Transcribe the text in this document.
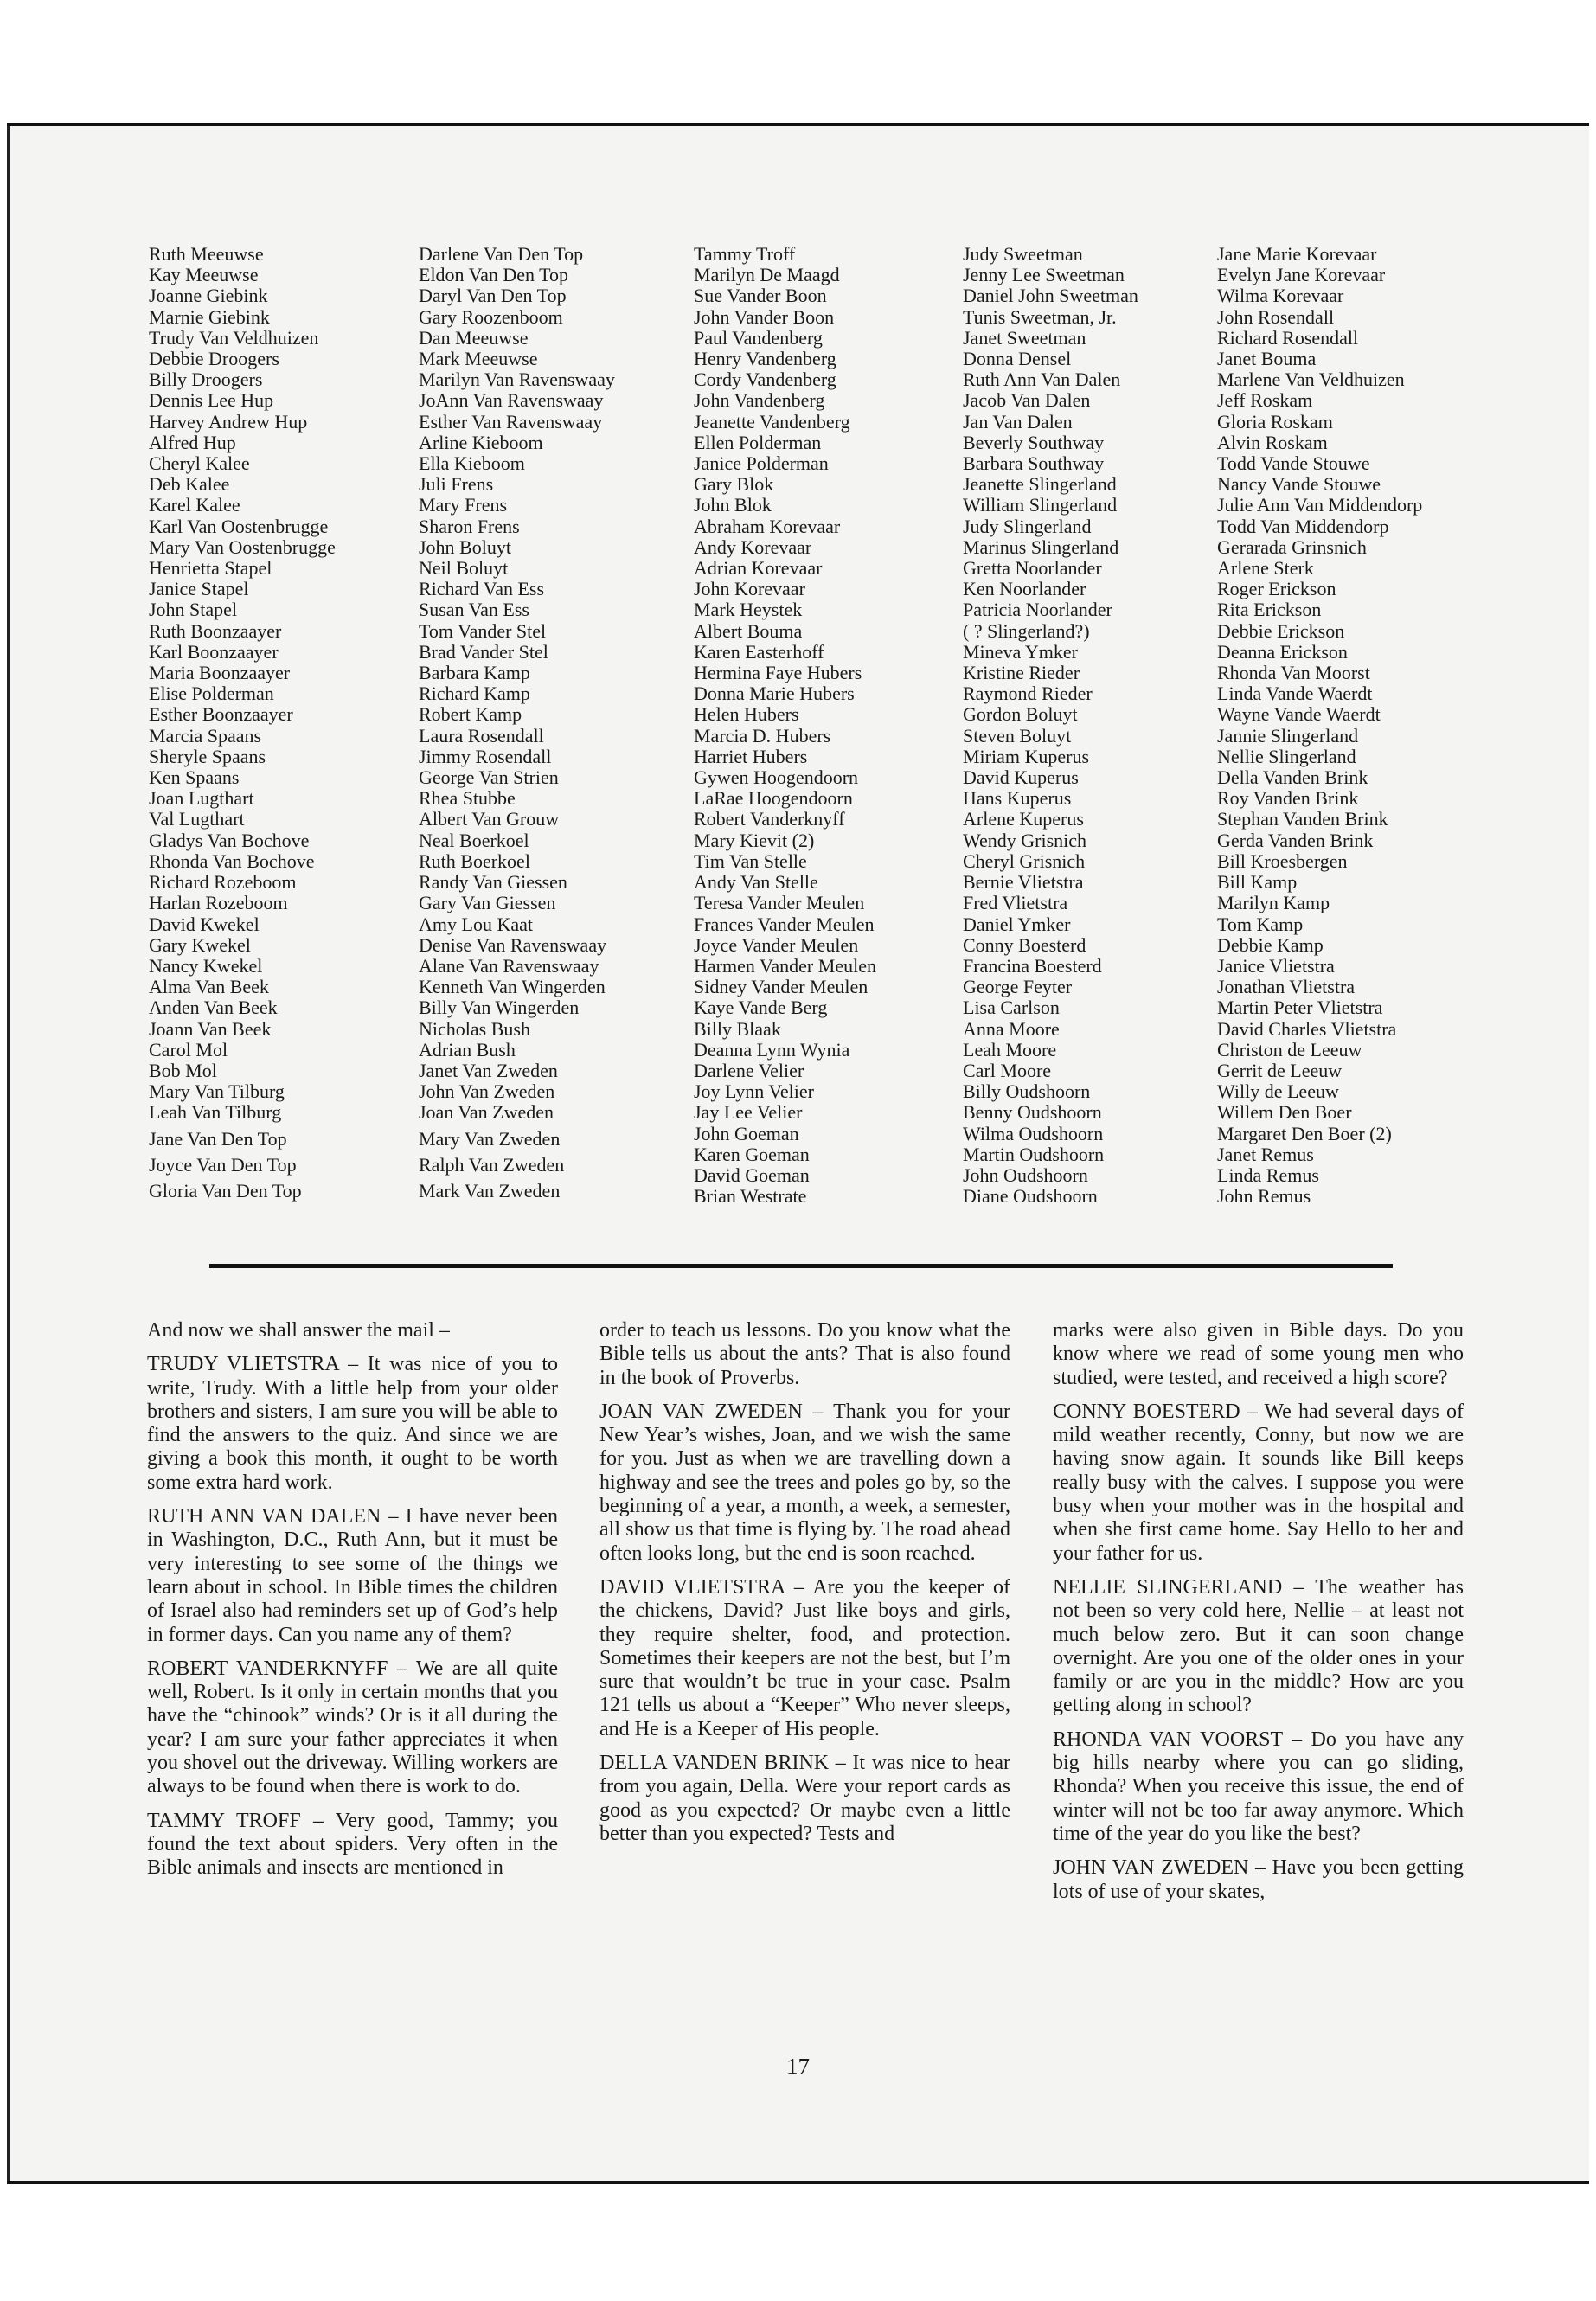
Ruth Meeuwse
Kay Meeuwse
Joanne Giebink
Marnie Giebink
Trudy Van Veldhuizen
Debbie Droogers
Billy Droogers
Dennis Lee Hup
Harvey Andrew Hup
Alfred Hup
Cheryl Kalee
Deb Kalee
Karel Kalee
Karl Van Oostenbrugge
Mary Van Oostenbrugge
Henrietta Stapel
Janice Stapel
John Stapel
Ruth Boonzaayer
Karl Boonzaayer
Maria Boonzaayer
Elise Polderman
Esther Boonzaayer
Marcia Spaans
Sheryle Spaans
Ken Spaans
Joan Lugthart
Val Lugthart
Gladys Van Bochove
Rhonda Van Bochove
Richard Rozeboom
Harlan Rozeboom
David Kwekel
Gary Kwekel
Nancy Kwekel
Alma Van Beek
Anden Van Beek
Joann Van Beek
Carol Mol
Bob Mol
Mary Van Tilburg
Leah Van Tilburg
Jane Van Den Top
Joyce Van Den Top
Gloria Van Den Top
Darlene Van Den Top
Eldon Van Den Top
Daryl Van Den Top
Gary Roozenboom
Dan Meeuwse
Mark Meeuwse
Marilyn Van Ravenswaay
JoAnn Van Ravenswaay
Esther Van Ravenswaay
Arline Kieboom
Ella Kieboom
Juli Frens
Mary Frens
Sharon Frens
John Boluyt
Neil Boluyt
Richard Van Ess
Susan Van Ess
Tom Vander Stel
Brad Vander Stel
Barbara Kamp
Richard Kamp
Robert Kamp
Laura Rosendall
Jimmy Rosendall
George Van Strien
Rhea Stubbe
Albert Van Grouw
Neal Boerkoel
Ruth Boerkoel
Randy Van Giessen
Gary Van Giessen
Amy Lou Kaat
Denise Van Ravenswaay
Alane Van Ravenswaay
Kenneth Van Wingerden
Billy Van Wingerden
Nicholas Bush
Adrian Bush
Janet Van Zweden
John Van Zweden
Joan Van Zweden
Mary Van Zweden
Ralph Van Zweden
Mark Van Zweden
Tammy Troff
Marilyn De Maagd
Sue Vander Boon
John Vander Boon
Paul Vandenberg
Henry Vandenberg
Cordy Vandenberg
John Vandenberg
Jeanette Vandenberg
Ellen Polderman
Janice Polderman
Gary Blok
John Blok
Abraham Korevaar
Andy Korevaar
Adrian Korevaar
John Korevaar
Mark Heystek
Albert Bouma
Karen Easterhoff
Hermina Faye Hubers
Donna Marie Hubers
Helen Hubers
Marcia D. Hubers
Harriet Hubers
Gywen Hoogendoorn
LaRae Hoogendoorn
Robert Vanderknyff
Mary Kievit (2)
Tim Van Stelle
Andy Van Stelle
Teresa Vander Meulen
Frances Vander Meulen
Joyce Vander Meulen
Harmen Vander Meulen
Sidney Vander Meulen
Kaye Vande Berg
Billy Blaak
Deanna Lynn Wynia
Darlene Velier
Joy Lynn Velier
Jay Lee Velier
John Goeman
Karen Goeman
David Goeman
Brian Westrate
Judy Sweetman
Jenny Lee Sweetman
Daniel John Sweetman
Tunis Sweetman, Jr.
Janet Sweetman
Donna Densel
Ruth Ann Van Dalen
Jacob Van Dalen
Jan Van Dalen
Beverly Southway
Barbara Southway
Jeanette Slingerland
William Slingerland
Judy Slingerland
Marinus Slingerland
Gretta Noorlander
Ken Noorlander
Patricia Noorlander
( ? Slingerland?)
Mineva Ymker
Kristine Rieder
Raymond Rieder
Gordon Boluyt
Steven Boluyt
Miriam Kuperus
David Kuperus
Hans Kuperus
Arlene Kuperus
Wendy Grisnich
Cheryl Grisnich
Bernie Vlietstra
Fred Vlietstra
Daniel Ymker
Conny Boesterd
Francina Boesterd
George Feyter
Lisa Carlson
Anna Moore
Leah Moore
Carl Moore
Billy Oudshoorn
Benny Oudshoorn
Wilma Oudshoorn
Martin Oudshoorn
John Oudshoorn
Diane Oudshoorn
Jane Marie Korevaar
Evelyn Jane Korevaar
Wilma Korevaar
John Rosendall
Richard Rosendall
Janet Bouma
Marlene Van Veldhuizen
Jeff Roskam
Gloria Roskam
Alvin Roskam
Todd Vande Stouwe
Nancy Vande Stouwe
Julie Ann Van Middendorp
Todd Van Middendorp
Gerarada Grinsnich
Arlene Sterk
Roger Erickson
Rita Erickson
Debbie Erickson
Deanna Erickson
Rhonda Van Moorst
Linda Vande Waerdt
Wayne Vande Waerdt
Jannie Slingerland
Nellie Slingerland
Della Vanden Brink
Roy Vanden Brink
Stephan Vanden Brink
Gerda Vanden Brink
Bill Kroesbergen
Bill Kamp
Marilyn Kamp
Tom Kamp
Debbie Kamp
Janice Vlietstra
Jonathan Vlietstra
Martin Peter Vlietstra
David Charles Vlietstra
Christon de Leeuw
Gerrit de Leeuw
Willy de Leeuw
Willem Den Boer
Margaret Den Boer (2)
Janet Remus
Linda Remus
John Remus

And now we shall answer the mail –

TRUDY VLIETSTRA – It was nice of you to write, Trudy. With a little help from your older brothers and sisters, I am sure you will be able to find the answers to the quiz. And since we are giving a book this month, it ought to be worth some extra hard work.

RUTH ANN VAN DALEN – I have never been in Washington, D.C., Ruth Ann, but it must be very interesting to see some of the things we learn about in school. In Bible times the children of Israel also had reminders set up of God’s help in former days. Can you name any of them?

ROBERT VANDERKNYFF – We are all quite well, Robert. Is it only in certain months that you have the “chinook” winds? Or is it all during the year? I am sure your father appreciates it when you shovel out the driveway. Willing workers are always to be found when there is work to do.

TAMMY TROFF – Very good, Tammy; you found the text about spiders. Very often in the Bible animals and insects are mentioned in

order to teach us lessons. Do you know what the Bible tells us about the ants? That is also found in the book of Proverbs.

JOAN VAN ZWEDEN – Thank you for your New Year’s wishes, Joan, and we wish the same for you. Just as when we are travelling down a highway and see the trees and poles go by, so the beginning of a year, a month, a week, a semester, all show us that time is flying by. The road ahead often looks long, but the end is soon reached.

DAVID VLIETSTRA – Are you the keeper of the chickens, David? Just like boys and girls, they require shelter, food, and protection. Sometimes their keepers are not the best, but I’m sure that wouldn’t be true in your case. Psalm 121 tells us about a “Keeper” Who never sleeps, and He is a Keeper of His people.

DELLA VANDEN BRINK – It was nice to hear from you again, Della. Were your report cards as good as you expected? Or maybe even a little better than you expected? Tests and

marks were also given in Bible days. Do you know where we read of some young men who studied, were tested, and received a high score?

CONNY BOESTERD – We had several days of mild weather recently, Conny, but now we are having snow again. It sounds like Bill keeps really busy with the calves. I suppose you were busy when your mother was in the hospital and when she first came home. Say Hello to her and your father for us.

NELLIE SLINGERLAND – The weather has not been so very cold here, Nellie – at least not much below zero. But it can soon change overnight. Are you one of the older ones in your family or are you in the middle? How are you getting along in school?

RHONDA VAN VOORST – Do you have any big hills nearby where you can go sliding, Rhonda? When you receive this issue, the end of winter will not be too far away anymore. Which time of the year do you like the best?

JOHN VAN ZWEDEN – Have you been getting lots of use of your skates,

17
